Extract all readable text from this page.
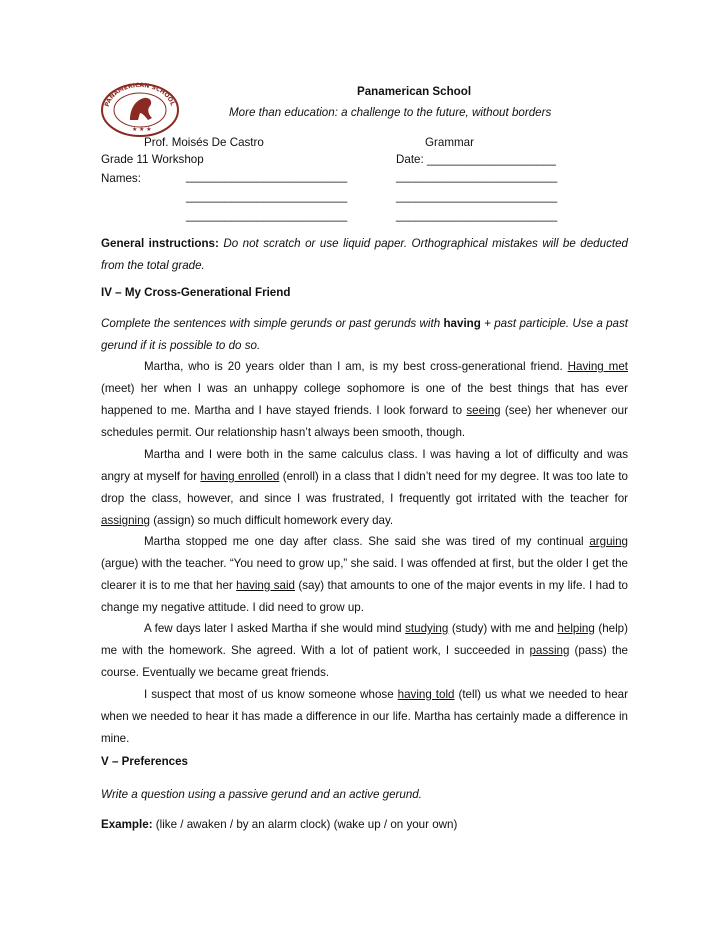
PANAMERICAN SCHOOL
★ ★ ★
Panamerican School
More than education: a challenge to the future, without borders
Prof. Moisés De Castro	Grammar
Grade 11 Workshop	Date: ____________________
Names:	_________________________	_________________________
_________________________	_________________________
_________________________	_________________________

General instructions: Do not scratch or use liquid paper. Orthographical mistakes will be deducted from the total grade.

IV – My Cross-Generational Friend

Complete the sentences with simple gerunds or past gerunds with having + past participle. Use a past gerund if it is possible to do so.

Martha, who is 20 years older than I am, is my best cross-generational friend. Having met (meet) her when I was an unhappy college sophomore is one of the best things that has ever happened to me. Martha and I have stayed friends. I look forward to seeing (see) her whenever our schedules permit. Our relationship hasn’t always been smooth, though.

Martha and I were both in the same calculus class. I was having a lot of difficulty and was angry at myself for having enrolled (enroll) in a class that I didn’t need for my degree. It was too late to drop the class, however, and since I was frustrated, I frequently got irritated with the teacher for assigning (assign) so much difficult homework every day.

Martha stopped me one day after class. She said she was tired of my continual arguing (argue) with the teacher. “You need to grow up,” she said. I was offended at first, but the older I get the clearer it is to me that her having said (say) that amounts to one of the major events in my life. I had to change my negative attitude. I did need to grow up.

A few days later I asked Martha if she would mind studying (study) with me and helping (help) me with the homework. She agreed. With a lot of patient work, I succeeded in passing (pass) the course. Eventually we became great friends.

I suspect that most of us know someone whose having told (tell) us what we needed to hear when we needed to hear it has made a difference in our life. Martha has certainly made a difference in mine.

V – Preferences
Write a question using a passive gerund and an active gerund.
Example: (like / awaken / by an alarm clock) (wake up / on your own)
